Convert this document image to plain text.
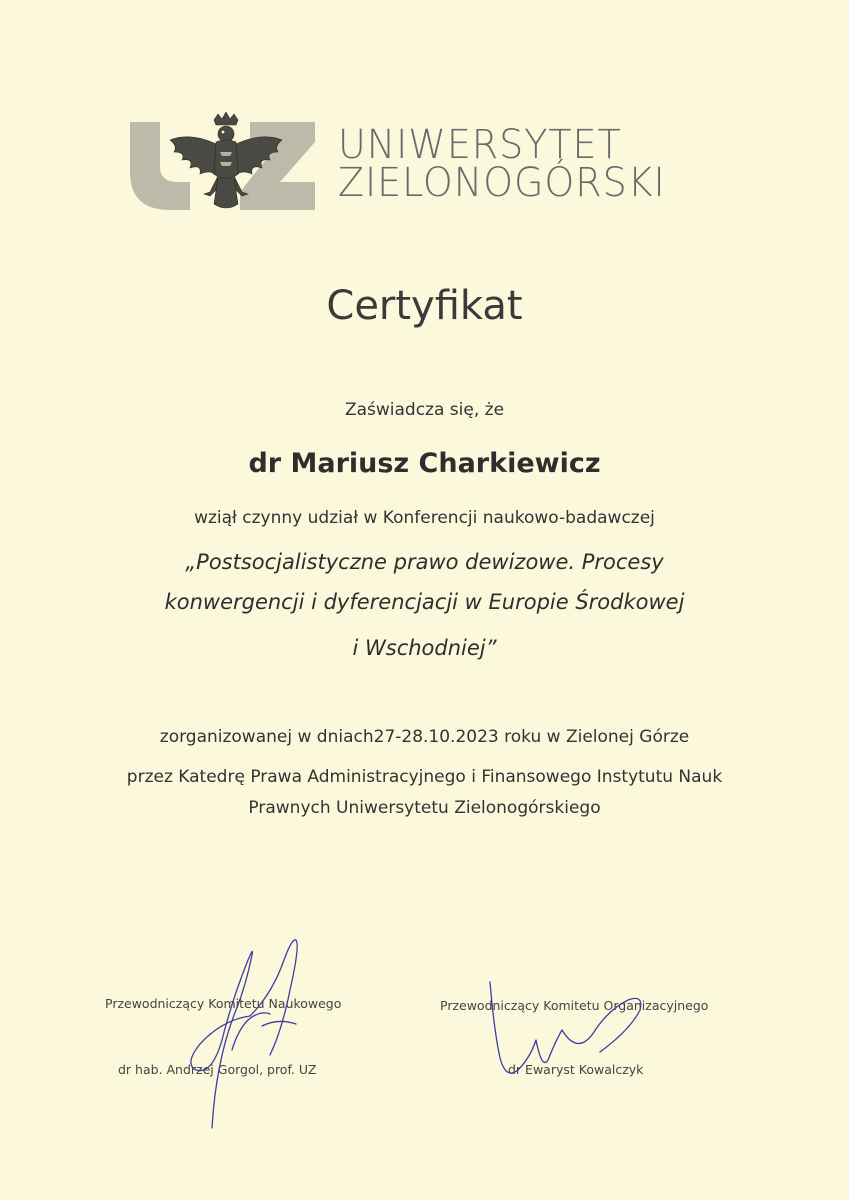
UNIWERSYTET
ZIELONOGÓRSKI
Certyfikat
Zaświadcza się, że
dr Mariusz Charkiewicz
wziął czynny udział w Konferencji naukowo-badawczej
„Postsocjalistyczne prawo dewizowe. Procesy
konwergencji i dyferencjacji w Europie Środkowej
i Wschodniej”
zorganizowanej w dniach27-28.10.2023 roku w Zielonej Górze
przez Katedrę Prawa Administracyjnego i Finansowego Instytutu Nauk
Prawnych Uniwersytetu Zielonogórskiego
Przewodniczący Komitetu Naukowego
dr hab. Andrzej Gorgol, prof. UZ
Przewodniczący Komitetu Organizacyjnego
dr Ewaryst Kowalczyk
